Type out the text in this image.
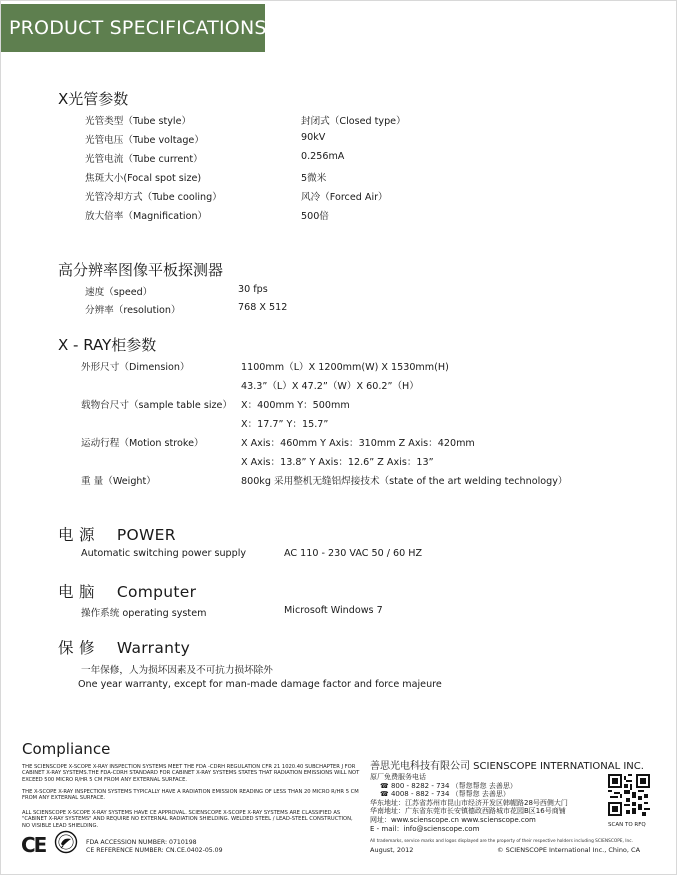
PRODUCT SPECIFICATIONS
X光管参数
光管类型（Tube style）	封闭式（Closed type）
光管电压（Tube voltage）	90kV
光管电流（Tube current）	0.256mA
焦斑大小(Focal spot size)	5微米
光管冷却方式（Tube cooling）	风冷（Forced Air）
放大倍率（Magnification）	500倍
高分辨率图像平板探测器
速度（speed）	30 fps
分辨率（resolution）	768 X 512
X - RAY柜参数
外形尺寸（Dimension）	1100mm（L）X 1200mm(W) X 1530mm(H)
43.3”（L）X 47.2”（W）X 60.2”（H）
载物台尺寸（sample table size） X：400mm Y：500mm
X：17.7” Y：15.7”
运动行程（Motion stroke）	X Axis：460mm Y Axis：310mm Z Axis：420mm
X Axis：13.8” Y Axis：12.6” Z Axis：13”
重 量（Weight）	800kg 采用整机无缝铝焊接技术（state of the art welding technology）
电 源 POWER
Automatic switching power supply	AC 110 - 230 VAC 50 / 60 HZ
电 脑 Computer
操作系统 operating system	Microsoft Windows 7
保 修 Warranty
一年保修，人为损坏因素及不可抗力损坏除外
One year warranty, except for man-made damage factor and force majeure
Compliance
THE SCIENSCOPE X-SCOPE X-RAY INSPECTION SYSTEMS MEET THE FDA -CDRH REGULATION CFR 21 1020.40 SUBCHAPTER J FOR
CABINET X-RAY SYSTEMS.THE FDA-CDRH STANDARD FOR CABINET X-RAY SYSTEMS STATES THAT RADIATION EMISSIONS WILL NOT
EXCEED 500 MICRO R/HR 5 CM FROM ANY EXTERNAL SURFACE.
THE X-SCOPE X-RAY INSPECTION SYSTEMS TYPICALLY HAVE A RADIATION EMISSION READING OF LESS THAN 20 MICRO R/HR 5 CM
FROM ANY EXTERNAL SURFACE.
ALL SCIENSCOPE X-SCOPE X-RAY SYSTEMS HAVE CE APPROVAL. SCIENSCOPE X-SCOPE X-RAY SYSTEMS ARE CLASSIFIED AS
"CABINET X-RAY SYSTEMS" AND REQUIRE NO EXTERNAL RADIATION SHIELDING. WELDED STEEL / LEAD-STEEL CONSTRUCTION,
NO VISIBLE LEAD SHIELDING.
CE	FDA ACCESSION NUMBER: 0710198
CE REFERENCE NUMBER: CN.CE.0402-05.09
善思光电科技有限公司 SCIENSCOPE INTERNATIONAL INC.
原厂免费服务电话
☎ 800 - 8282 - 734 （帮您帮您 去善思）
☎ 4008 - 882 - 734 （帮帮您 去善思）
华东地址：江苏省苏州市昆山市经济开发区韩幄路28号西侧大门
华南地址：广东省东莞市长安镇德政西路城市花园B区16号商铺
网址：www.scienscope.cn www.scienscope.com
E - mail：info@scienscope.com
All trademarks, service marks and logos displayed are the property of their respective holders including SCIENSCOPE, Inc.
August, 2012	© SCIENSCOPE International Inc., Chino, CA
SCAN TO RFQ
